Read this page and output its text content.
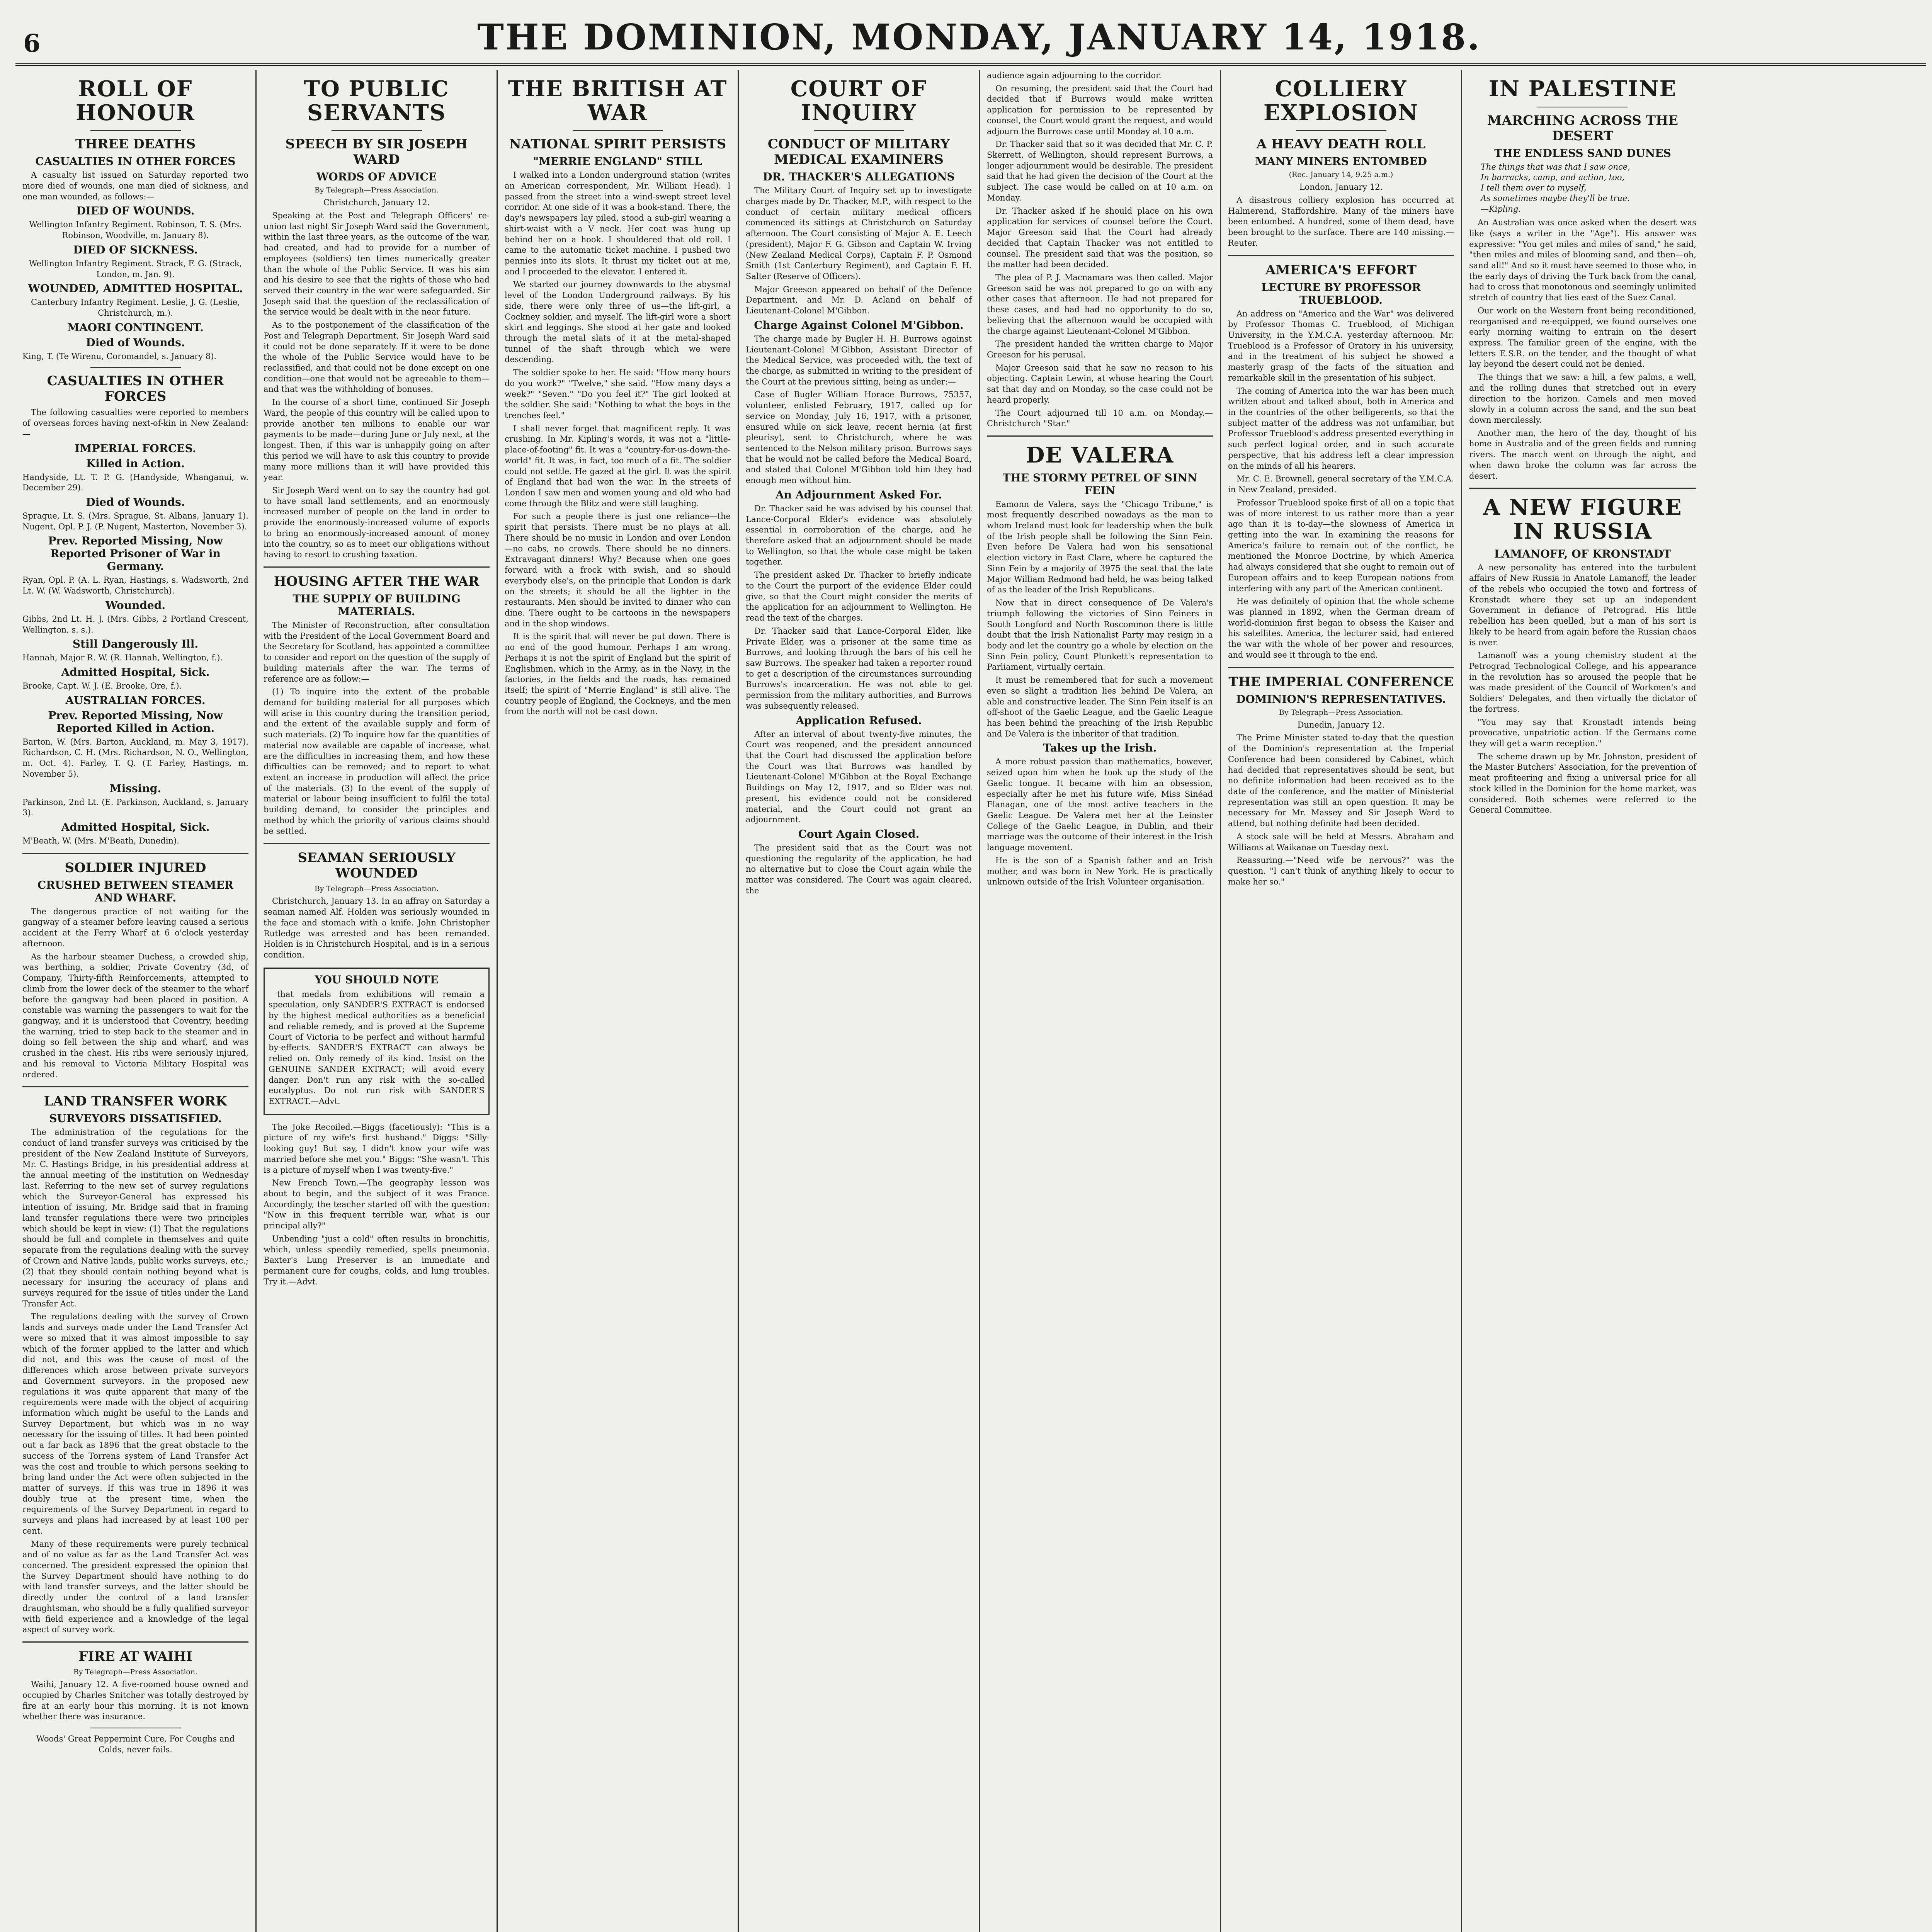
6	THE DOMINION, MONDAY, JANUARY 14, 1918.
ROLL OF HONOUR
THREE DEATHS
CASUALTIES IN OTHER FORCES

A casualty list issued on Saturday reported two more died of wounds, one man died of sickness, and one man wounded, as follows:—

DIED OF WOUNDS.

Wellington Infantry Regiment. Robinson, T. S. (Mrs. Robinson, Woodville, m. January 8).

DIED OF SICKNESS.

Wellington Infantry Regiment. Strack, F. G. (Strack, London, m. Jan. 9).

WOUNDED, ADMITTED HOSPITAL.

Canterbury Infantry Regiment. Leslie, J. G. (Leslie, Christchurch, m.).

MAORI CONTINGENT.
Died of Wounds.

King, T. (Te Wirenu, Coromandel, s. January 8).

CASUALTIES IN OTHER FORCES

The following casualties were reported to members of overseas forces having next-of-kin in New Zealand:—

IMPERIAL FORCES.
Killed in Action.

Handyside, Lt. T. P. G. (Handyside, Whanganui, w. December 29).

Died of Wounds.

Sprague, Lt. S. (Mrs. Sprague, St. Albans, January 1). Nugent, Opl. P. J. (P. Nugent, Masterton, November 3).

Prev. Reported Missing, Now Reported Prisoner of War in Germany.

Ryan, Opl. P. (A. L. Ryan, Hastings, s. Wadsworth, 2nd Lt. W. (W. Wadsworth, Christchurch).

Wounded.

Gibbs, 2nd Lt. H. J. (Mrs. Gibbs, 2 Portland Crescent, Wellington, s. s.).

Still Dangerously Ill.

Hannah, Major R. W. (R. Hannah, Wellington, f.).

Admitted Hospital, Sick.

Brooke, Capt. W. J. (E. Brooke, Ore, f.).

AUSTRALIAN FORCES.
Prev. Reported Missing, Now Reported Killed in Action.

Barton, W. (Mrs. Barton, Auckland, m. May 3, 1917). Richardson, C. H. (Mrs. Richardson, N. O., Wellington, m. Oct. 4). Farley, T. Q. (T. Farley, Hastings, m. November 5).

Missing.

Parkinson, 2nd Lt. (E. Parkinson, Auckland, s. January 3).

Admitted Hospital, Sick.

M'Beath, W. (Mrs. M'Beath, Dunedin).

SOLDIER INJURED
CRUSHED BETWEEN STEAMER AND WHARF.

The dangerous practice of not waiting for the gangway of a steamer before leaving caused a serious accident at the Ferry Wharf at 6 o'clock yesterday afternoon.

As the harbour steamer Duchess, a crowded ship, was berthing, a soldier, Private Coventry (3d, of Company, Thirty-fifth Reinforcements, attempted to climb from the lower deck of the steamer to the wharf before the gangway had been placed in position. A constable was warning the passengers to wait for the gangway, and it is understood that Coventry, heeding the warning, tried to step back to the steamer and in doing so fell between the ship and wharf, and was crushed in the chest. His ribs were seriously injured, and his removal to Victoria Military Hospital was ordered.

LAND TRANSFER WORK
SURVEYORS DISSATISFIED.

The administration of the regulations for the conduct of land transfer surveys was criticised by the president of the New Zealand Institute of Surveyors, Mr. C. Hastings Bridge, in his presidential address at the annual meeting of the institution on Wednesday last. Referring to the new set of survey regulations which the Surveyor-General has expressed his intention of issuing, Mr. Bridge said that in framing land transfer regulations there were two principles which should be kept in view: (1) That the regulations should be full and complete in themselves and quite separate from the regulations dealing with the survey of Crown and Native lands, public works surveys, etc.; (2) that they should contain nothing beyond what is necessary for insuring the accuracy of plans and surveys required for the issue of titles under the Land Transfer Act.

The regulations dealing with the survey of Crown lands and surveys made under the Land Transfer Act were so mixed that it was almost impossible to say which of the former applied to the latter and which did not, and this was the cause of most of the differences which arose between private surveyors and Government surveyors. In the proposed new regulations it was quite apparent that many of the requirements were made with the object of acquiring information which might be useful to the Lands and Survey Department, but which was in no way necessary for the issuing of titles. It had been pointed out a far back as 1896 that the great obstacle to the success of the Torrens system of Land Transfer Act was the cost and trouble to which persons seeking to bring land under the Act were often subjected in the matter of surveys. If this was true in 1896 it was doubly true at the present time, when the requirements of the Survey Department in regard to surveys and plans had increased by at least 100 per cent.

Many of these requirements were purely technical and of no value as far as the Land Transfer Act was concerned. The president expressed the opinion that the Survey Department should have nothing to do with land transfer surveys, and the latter should be directly under the control of a land transfer draughtsman, who should be a fully qualified surveyor with field experience and a knowledge of the legal aspect of survey work.

FIRE AT WAIHI

By Telegraph—Press Association.

Waihi, January 12. A five-roomed house owned and occupied by Charles Snitcher was totally destroyed by fire at an early hour this morning. It is not known whether there was insurance.

Woods' Great Peppermint Cure, For Coughs and Colds, never fails.

TO PUBLIC SERVANTS
SPEECH BY SIR JOSEPH WARD
WORDS OF ADVICE

By Telegraph—Press Association.

Christchurch, January 12.

Speaking at the Post and Telegraph Officers' re-union last night Sir Joseph Ward said the Government, within the last three years, as the outcome of the war, had created, and had to provide for a number of employees (soldiers) ten times numerically greater than the whole of the Public Service. It was his aim and his desire to see that the rights of those who had served their country in the war were safeguarded. Sir Joseph said that the question of the reclassification of the service would be dealt with in the near future.

As to the postponement of the classification of the Post and Telegraph Department, Sir Joseph Ward said it could not be done separately. If it were to be done the whole of the Public Service would have to be reclassified, and that could not be done except on one condition—one that would not be agreeable to them—and that was the withholding of bonuses.

In the course of a short time, continued Sir Joseph Ward, the people of this country will be called upon to provide another ten millions to enable our war payments to be made—during June or July next, at the longest. Then, if this war is unhappily going on after this period we will have to ask this country to provide many more millions than it will have provided this year.

Sir Joseph Ward went on to say the country had got to have small land settlements, and an enormously increased number of people on the land in order to provide the enormously-increased volume of exports to bring an enormously-increased amount of money into the country, so as to meet our obligations without having to resort to crushing taxation.

HOUSING AFTER THE WAR
THE SUPPLY OF BUILDING MATERIALS.

The Minister of Reconstruction, after consultation with the President of the Local Government Board and the Secretary for Scotland, has appointed a committee to consider and report on the question of the supply of building materials after the war. The terms of reference are as follow:—

(1) To inquire into the extent of the probable demand for building material for all purposes which will arise in this country during the transition period, and the extent of the available supply and form of such materials. (2) To inquire how far the quantities of material now available are capable of increase, what are the difficulties in increasing them, and how these difficulties can be removed; and to report to what extent an increase in production will affect the price of the materials. (3) In the event of the supply of material or labour being insufficient to fulfil the total building demand, to consider the principles and method by which the priority of various claims should be settled.

SEAMAN SERIOUSLY WOUNDED

By Telegraph—Press Association.

Christchurch, January 13. In an affray on Saturday a seaman named Alf. Holden was seriously wounded in the face and stomach with a knife. John Christopher Rutledge was arrested and has been remanded. Holden is in Christchurch Hospital, and is in a serious condition.

YOU SHOULD NOTE

that medals from exhibitions will remain a speculation, only SANDER'S EXTRACT is endorsed by the highest medical authorities as a beneficial and reliable remedy, and is proved at the Supreme Court of Victoria to be perfect and without harmful by-effects. SANDER'S EXTRACT can always be relied on. Only remedy of its kind. Insist on the GENUINE SANDER EXTRACT; will avoid every danger. Don't run any risk with the so-called eucalyptus. Do not run risk with SANDER'S EXTRACT.—Advt.

The Joke Recoiled.—Biggs (facetiously): "This is a picture of my wife's first husband." Diggs: "Silly-looking guy! But say, I didn't know your wife was married before she met you." Biggs: "She wasn't. This is a picture of myself when I was twenty-five."

New French Town.—The geography lesson was about to begin, and the subject of it was France. Accordingly, the teacher started off with the question: "Now in this frequent terrible war, what is our principal ally?"

Unbending "just a cold" often results in bronchitis, which, unless speedily remedied, spells pneumonia. Baxter's Lung Preserver is an immediate and permanent cure for coughs, colds, and lung troubles. Try it.—Advt.

THE BRITISH AT WAR
NATIONAL SPIRIT PERSISTS
"MERRIE ENGLAND" STILL

I walked into a London underground station (writes an American correspondent, Mr. William Head). I passed from the street into a wind-swept street level corridor. At one side of it was a book-stand. There, the day's newspapers lay piled, stood a sub-girl wearing a shirt-waist with a V neck. Her coat was hung up behind her on a hook. I shouldered that old roll. I came to the automatic ticket machine. I pushed two pennies into its slots. It thrust my ticket out at me, and I proceeded to the elevator. I entered it.

We started our journey downwards to the abysmal level of the London Underground railways. By his side, there were only three of us—the lift-girl, a Cockney soldier, and myself. The lift-girl wore a short skirt and leggings. She stood at her gate and looked through the metal slats of it at the metal-shaped tunnel of the shaft through which we were descending.

The soldier spoke to her. He said: "How many hours do you work?" "Twelve," she said. "How many days a week?" "Seven." "Do you feel it?" The girl looked at the soldier. She said: "Nothing to what the boys in the trenches feel."

I shall never forget that magnificent reply. It was crushing. In Mr. Kipling's words, it was not a "little-place-of-footing" fit. It was a "country-for-us-down-the-world" fit. It was, in fact, too much of a fit. The soldier could not settle. He gazed at the girl. It was the spirit of England that had won the war. In the streets of London I saw men and women young and old who had come through the Blitz and were still laughing.

For such a people there is just one reliance—the spirit that persists. There must be no plays at all. There should be no music in London and over London—no cabs, no crowds. There should be no dinners. Extravagant dinners! Why? Because when one goes forward with a frock with swish, and so should everybody else's, on the principle that London is dark on the streets; it should be all the lighter in the restaurants. Men should be invited to dinner who can dine. There ought to be cartoons in the newspapers and in the shop windows.

It is the spirit that will never be put down. There is no end of the good humour. Perhaps I am wrong. Perhaps it is not the spirit of England but the spirit of Englishmen, which in the Army, as in the Navy, in the factories, in the fields and the roads, has remained itself; the spirit of "Merrie England" is still alive. The country people of England, the Cockneys, and the men from the north will not be cast down.

COURT OF INQUIRY
CONDUCT OF MILITARY MEDICAL EXAMINERS
DR. THACKER'S ALLEGATIONS

The Military Court of Inquiry set up to investigate charges made by Dr. Thacker, M.P., with respect to the conduct of certain military medical officers commenced its sittings at Christchurch on Saturday afternoon. The Court consisting of Major A. E. Leech (president), Major F. G. Gibson and Captain W. Irving (New Zealand Medical Corps), Captain F. P. Osmond Smith (1st Canterbury Regiment), and Captain F. H. Salter (Reserve of Officers).

Major Greeson appeared on behalf of the Defence Department, and Mr. D. Acland on behalf of Lieutenant-Colonel M'Gibbon.

Charge Against Colonel M'Gibbon.

The charge made by Bugler H. H. Burrows against Lieutenant-Colonel M'Gibbon, Assistant Director of the Medical Service, was proceeded with, the text of the charge, as submitted in writing to the president of the Court at the previous sitting, being as under:—

Case of Bugler William Horace Burrows, 75357, volunteer, enlisted February, 1917, called up for service on Monday, July 16, 1917, with a prisoner, ensured while on sick leave, recent hernia (at first pleurisy), sent to Christchurch, where he was sentenced to the Nelson military prison. Burrows says that he would not be called before the Medical Board, and stated that Colonel M'Gibbon told him they had enough men without him.

An Adjournment Asked For.

Dr. Thacker said he was advised by his counsel that Lance-Corporal Elder's evidence was absolutely essential in corroboration of the charge, and he therefore asked that an adjournment should be made to Wellington, so that the whole case might be taken together.

The president asked Dr. Thacker to briefly indicate to the Court the purport of the evidence Elder could give, so that the Court might consider the merits of the application for an adjournment to Wellington. He read the text of the charges.

Dr. Thacker said that Lance-Corporal Elder, like Private Elder, was a prisoner at the same time as Burrows, and looking through the bars of his cell he saw Burrows. The speaker had taken a reporter round to get a description of the circumstances surrounding Burrows's incarceration. He was not able to get permission from the military authorities, and Burrows was subsequently released.

Application Refused.

After an interval of about twenty-five minutes, the Court was reopened, and the president announced that the Court had discussed the application before the Court was that Burrows was handled by Lieutenant-Colonel M'Gibbon at the Royal Exchange Buildings on May 12, 1917, and so Elder was not present, his evidence could not be considered material, and the Court could not grant an adjournment.

Court Again Closed.

The president said that as the Court was not questioning the regularity of the application, he had no alternative but to close the Court again while the matter was considered. The Court was again cleared, the

audience again adjourning to the corridor.

On resuming, the president said that the Court had decided that if Burrows would make written application for permission to be represented by counsel, the Court would grant the request, and would adjourn the Burrows case until Monday at 10 a.m.

Dr. Thacker said that so it was decided that Mr. C. P. Skerrett, of Wellington, should represent Burrows, a longer adjournment would be desirable. The president said that he had given the decision of the Court at the subject. The case would be called on at 10 a.m. on Monday.

Dr. Thacker asked if he should place on his own application for services of counsel before the Court. Major Greeson said that the Court had already decided that Captain Thacker was not entitled to counsel. The president said that was the position, so the matter had been decided.

The plea of P. J. Macnamara was then called. Major Greeson said he was not prepared to go on with any other cases that afternoon. He had not prepared for these cases, and had had no opportunity to do so, believing that the afternoon would be occupied with the charge against Lieutenant-Colonel M'Gibbon.

The president handed the written charge to Major Greeson for his perusal.

Major Greeson said that he saw no reason to his objecting. Captain Lewin, at whose hearing the Court sat that day and on Monday, so the case could not be heard properly.

The Court adjourned till 10 a.m. on Monday.—Christchurch "Star."

DE VALERA
THE STORMY PETREL OF SINN FEIN

Eamonn de Valera, says the "Chicago Tribune," is most frequently described nowadays as the man to whom Ireland must look for leadership when the bulk of the Irish people shall be following the Sinn Fein. Even before De Valera had won his sensational election victory in East Clare, where he captured the Sinn Fein by a majority of 3975 the seat that the late Major William Redmond had held, he was being talked of as the leader of the Irish Republicans.

Now that in direct consequence of De Valera's triumph following the victories of Sinn Feiners in South Longford and North Roscommon there is little doubt that the Irish Nationalist Party may resign in a body and let the country go a whole by election on the Sinn Fein policy, Count Plunkett's representation to Parliament, virtually certain.

It must be remembered that for such a movement even so slight a tradition lies behind De Valera, an able and constructive leader. The Sinn Fein itself is an off-shoot of the Gaelic League, and the Gaelic League has been behind the preaching of the Irish Republic and De Valera is the inheritor of that tradition.

Takes up the Irish.

A more robust passion than mathematics, however, seized upon him when he took up the study of the Gaelic tongue. It became with him an obsession, especially after he met his future wife, Miss Sinéad Flanagan, one of the most active teachers in the Gaelic League. De Valera met her at the Leinster College of the Gaelic League, in Dublin, and their marriage was the outcome of their interest in the Irish language movement.

He is the son of a Spanish father and an Irish mother, and was born in New York. He is practically unknown outside of the Irish Volunteer organisation.

COLLIERY EXPLOSION
A HEAVY DEATH ROLL
MANY MINERS ENTOMBED

(Rec. January 14, 9.25 a.m.)

London, January 12.

A disastrous colliery explosion has occurred at Halmerend, Staffordshire. Many of the miners have been entombed. A hundred, some of them dead, have been brought to the surface. There are 140 missing.—Reuter.

AMERICA'S EFFORT
LECTURE BY PROFESSOR TRUEBLOOD.

An address on "America and the War" was delivered by Professor Thomas C. Trueblood, of Michigan University, in the Y.M.C.A. yesterday afternoon. Mr. Trueblood is a Professor of Oratory in his university, and in the treatment of his subject he showed a masterly grasp of the facts of the situation and remarkable skill in the presentation of his subject.

The coming of America into the war has been much written about and talked about, both in America and in the countries of the other belligerents, so that the subject matter of the address was not unfamiliar, but Professor Trueblood's address presented everything in such perfect logical order, and in such accurate perspective, that his address left a clear impression on the minds of all his hearers.

Mr. C. E. Brownell, general secretary of the Y.M.C.A. in New Zealand, presided.

Professor Trueblood spoke first of all on a topic that was of more interest to us rather more than a year ago than it is to-day—the slowness of America in getting into the war. In examining the reasons for America's failure to remain out of the conflict, he mentioned the Monroe Doctrine, by which America had always considered that she ought to remain out of European affairs and to keep European nations from interfering with any part of the American continent.

He was definitely of opinion that the whole scheme was planned in 1892, when the German dream of world-dominion first began to obsess the Kaiser and his satellites. America, the lecturer said, had entered the war with the whole of her power and resources, and would see it through to the end.

THE IMPERIAL CONFERENCE
DOMINION'S REPRESENTATIVES.

By Telegraph—Press Association.

Dunedin, January 12.

The Prime Minister stated to-day that the question of the Dominion's representation at the Imperial Conference had been considered by Cabinet, which had decided that representatives should be sent, but no definite information had been received as to the date of the conference, and the matter of Ministerial representation was still an open question. It may be necessary for Mr. Massey and Sir Joseph Ward to attend, but nothing definite had been decided.

A stock sale will be held at Messrs. Abraham and Williams at Waikanae on Tuesday next.

Reassuring.—"Need wife be nervous?" was the question. "I can't think of anything likely to occur to make her so."

IN PALESTINE
MARCHING ACROSS THE DESERT
THE ENDLESS SAND DUNES
The things that was that I saw once,
In barracks, camp, and action, too,
I tell them over to myself,
As sometimes maybe they'll be true.
—Kipling.

An Australian was once asked when the desert was like (says a writer in the "Age"). His answer was expressive: "You get miles and miles of sand," he said, "then miles and miles of blooming sand, and then—oh, sand all!" And so it must have seemed to those who, in the early days of driving the Turk back from the canal, had to cross that monotonous and seemingly unlimited stretch of country that lies east of the Suez Canal.

Our work on the Western front being reconditioned, reorganised and re-equipped, we found ourselves one early morning waiting to entrain on the desert express. The familiar green of the engine, with the letters E.S.R. on the tender, and the thought of what lay beyond the desert could not be denied.

The things that we saw: a hill, a few palms, a well, and the rolling dunes that stretched out in every direction to the horizon. Camels and men moved slowly in a column across the sand, and the sun beat down mercilessly.

Another man, the hero of the day, thought of his home in Australia and of the green fields and running rivers. The march went on through the night, and when dawn broke the column was far across the desert.

A NEW FIGURE IN RUSSIA
LAMANOFF, OF KRONSTADT

A new personality has entered into the turbulent affairs of New Russia in Anatole Lamanoff, the leader of the rebels who occupied the town and fortress of Kronstadt where they set up an independent Government in defiance of Petrograd. His little rebellion has been quelled, but a man of his sort is likely to be heard from again before the Russian chaos is over.

Lamanoff was a young chemistry student at the Petrograd Technological College, and his appearance in the revolution has so aroused the people that he was made president of the Council of Workmen's and Soldiers' Delegates, and then virtually the dictator of the fortress.

"You may say that Kronstadt intends being provocative, unpatriotic action. If the Germans come they will get a warm reception."

The scheme drawn up by Mr. Johnston, president of the Master Butchers' Association, for the prevention of meat profiteering and fixing a universal price for all stock killed in the Dominion for the home market, was considered. Both schemes were referred to the General Committee.
